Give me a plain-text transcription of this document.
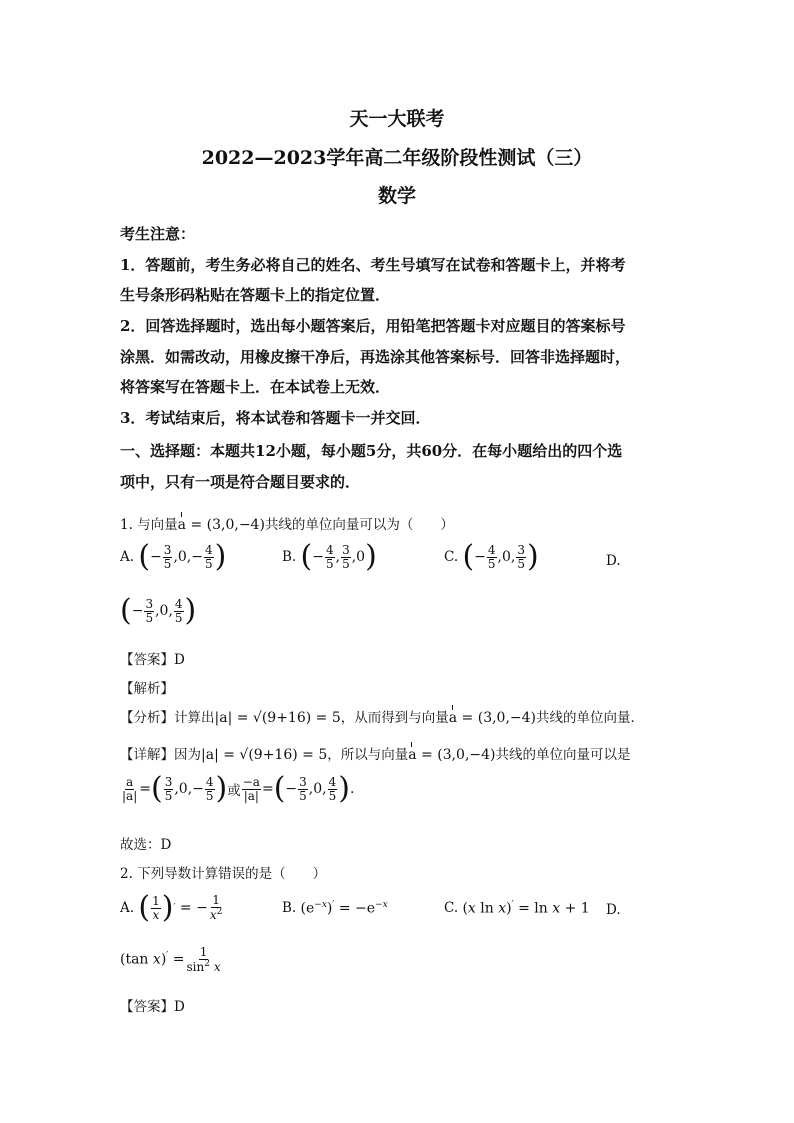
天一大联考
2022—2023学年高二年级阶段性测试（三）
数学
考生注意：
1．答题前，考生务必将自己的姓名、考生号填写在试卷和答题卡上，并将考
生号条形码粘贴在答题卡上的指定位置．
2．回答选择题时，选出每小题答案后，用铅笔把答题卡对应题目的答案标号
涂黑．如需改动，用橡皮擦干净后，再选涂其他答案标号．回答非选择题时，
将答案写在答题卡上．在本试卷上无效．
3．考试结束后，将本试卷和答题卡一并交回．
一、选择题：本题共12小题，每小题5分，共60分．在每小题给出的四个选
项中，只有一项是符合题目要求的．
1. 与向量a = (3,0,−4)共线的单位向量可以为（　　）
A.
( − $\frac{3}{5} ,0,- \frac{4}{5}$ )	B.
( − $\frac{4}{5}$ , $\frac{3}{5} ,0$ )	C.
( − $\frac{4}{5} ,0$, $\frac{3}{5}$ )	D.
( − $\frac{3}{5} ,0$, $\frac{4}{5}$ )
【答案】D
【解析】
【分析】计算出|a| = √(9+16) = 5，从而得到与向量a = (3,0,−4)共线的单位向量．
【详解】因为|a| = √(9+16) = 5，所以与向量a = (3,0,−4)共线的单位向量可以是
$\frac{a}{|a|}$ = ( $\frac{3}{5} ,0,- \frac{4}{5}$ ) 或 $\frac{-a}{|a|}$ = ( − $\frac{3}{5} ,0$, $\frac{4}{5}$ ) .
故选：D
2. 下列导数计算错误的是（　　）
A.
( $\frac{1}{x}$ ) ′ = − $\frac{1}{x^2}$	B.
$(e^{-x})' = -e^{-x}$	C.
(x ln x)′ = ln x + 1 D.
(tan $x)' = \frac{1}{\sin^2 x}$
【答案】D
